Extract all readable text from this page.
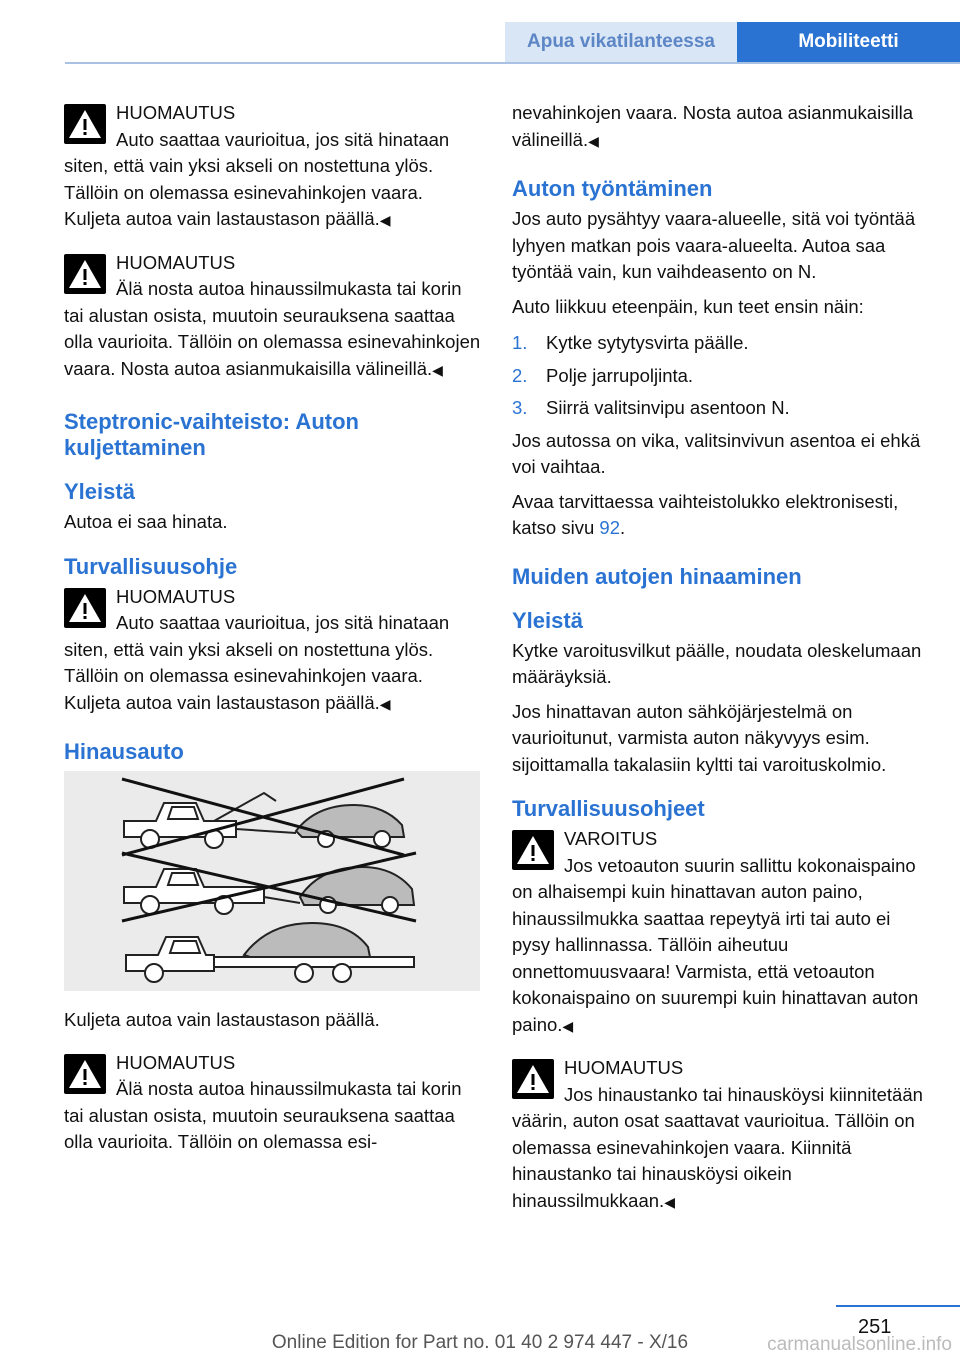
Apua vikatilanteessa	Mobiliteetti
HUOMAUTUS
Auto saattaa vaurioitua, jos sitä hinataan siten, että vain yksi akseli on nostettuna ylös. Tällöin on olemassa esinevahinkojen vaara. Kuljeta autoa vain lastaustason päällä.◀
HUOMAUTUS
Älä nosta autoa hinaussilmukasta tai korin tai alustan osista, muutoin seurauksena saattaa olla vaurioita. Tällöin on olemassa esinevahinkojen vaara. Nosta autoa asianmukaisilla välineillä.◀
Steptronic-vaihteisto: Auton kuljettaminen
Yleistä

Autoa ei saa hinata.

Turvallisuusohje
HUOMAUTUS
Auto saattaa vaurioitua, jos sitä hinataan siten, että vain yksi akseli on nostettuna ylös. Tällöin on olemassa esinevahinkojen vaara. Kuljeta autoa vain lastaustason päällä.◀
Hinausauto

Kuljeta autoa vain lastaustason päällä.

HUOMAUTUS
Älä nosta autoa hinaussilmukasta tai korin tai alustan osista, muutoin seurauksena saattaa olla vaurioita. Tällöin on olemassa esi-

nevahinkojen vaara. Nosta autoa asianmukaisilla välineillä.◀

Auton työntäminen

Jos auto pysähtyy vaara-alueelle, sitä voi työntää lyhyen matkan pois vaara-alueelta. Autoa saa työntää vain, kun vaihdeasento on N.

Auto liikkuu eteenpäin, kun teet ensin näin:

1.	Kytke sytytysvirta päälle.
2.	Polje jarrupoljinta.
3.	Siirrä valitsinvipu asentoon N.

Jos autossa on vika, valitsinvivun asentoa ei ehkä voi vaihtaa.

Avaa tarvittaessa vaihteistolukko elektronisesti, katso sivu 92.

Muiden autojen hinaaminen
Yleistä

Kytke varoitusvilkut päälle, noudata oleskelumaan määräyksiä.

Jos hinattavan auton sähköjärjestelmä on vaurioitunut, varmista auton näkyvyys esim. sijoittamalla takalasiin kyltti tai varoituskolmio.

Turvallisuusohjeet
VAROITUS
Jos vetoauton suurin sallittu kokonaispaino on alhaisempi kuin hinattavan auton paino, hinaussilmukka saattaa repeytyä irti tai auto ei pysy hallinnassa. Tällöin aiheutuu onnettomuusvaara! Varmista, että vetoauton kokonaispaino on suurempi kuin hinattavan auton paino.◀
HUOMAUTUS
Jos hinaustanko tai hinausköysi kiinnitetään väärin, auton osat saattavat vaurioitua. Tällöin on olemassa esinevahinkojen vaara. Kiinnitä hinaustanko tai hinausköysi oikein hinaussilmukkaan.◀
251
Online Edition for Part no. 01 40 2 974 447 - X/16	carmanualsonline.info
